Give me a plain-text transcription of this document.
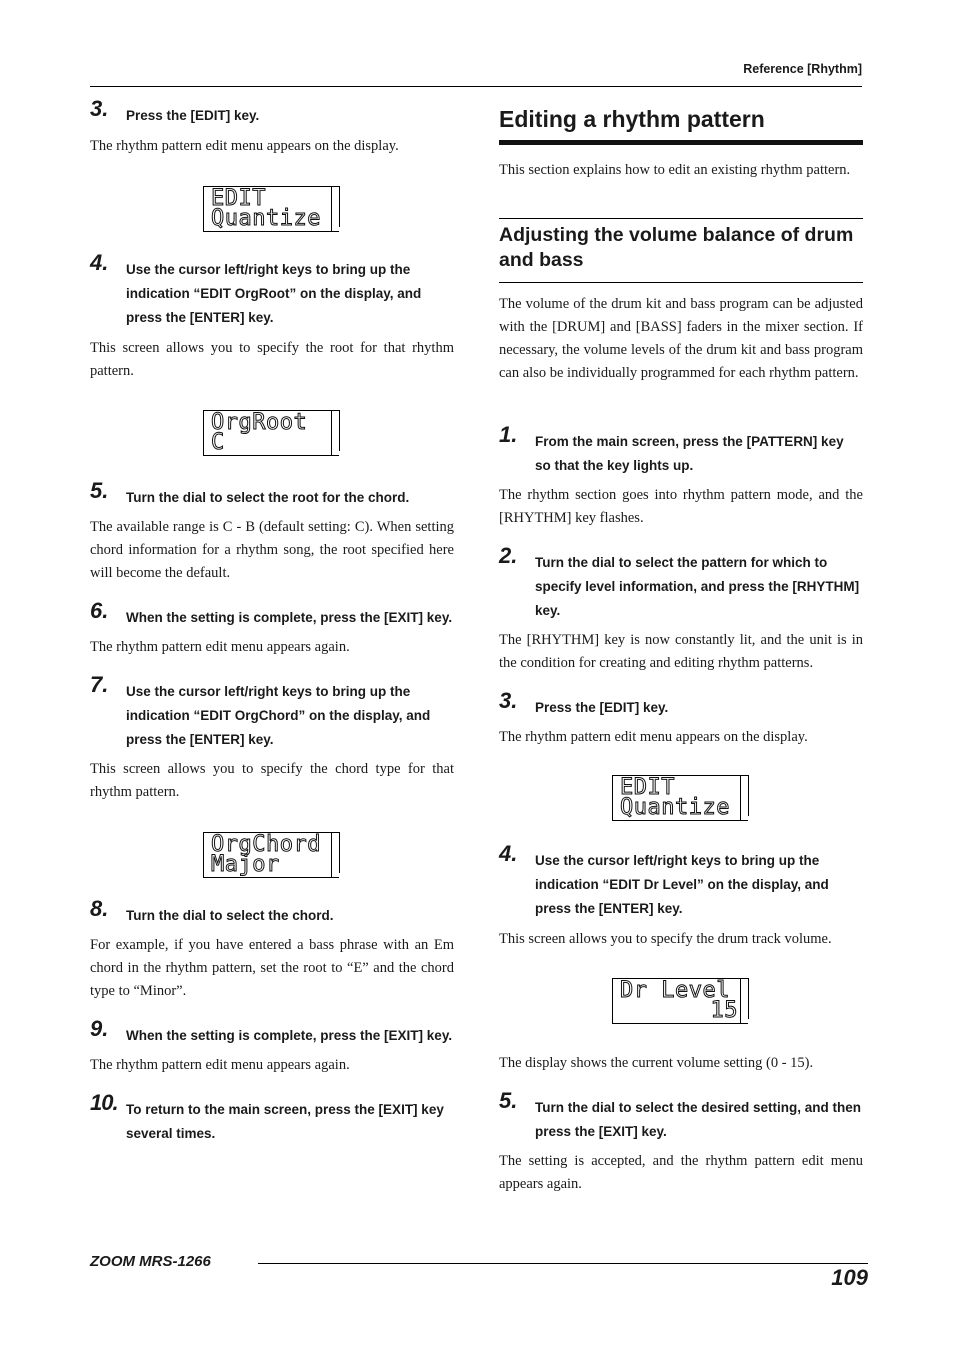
Reference [Rhythm]
3. Press the [EDIT] key.
The rhythm pattern edit menu appears on the display.
EDIT
Quantize
4. Use the cursor left/right keys to bring up the indication “EDIT OrgRoot” on the display, and press the [ENTER] key.
This screen allows you to specify the root for that rhythm pattern.
OrgRoot
C
5. Turn the dial to select the root for the chord.
The available range is C - B (default setting: C). When setting chord information for a rhythm song, the root specified here will become the default.
6. When the setting is complete, press the [EXIT] key.
The rhythm pattern edit menu appears again.
7. Use the cursor left/right keys to bring up the indication “EDIT OrgChord” on the display, and press the [ENTER] key.
This screen allows you to specify the chord type for that rhythm pattern.
OrgChord
Major
8. Turn the dial to select the chord.
For example, if you have entered a bass phrase with an Em chord in the rhythm pattern, set the root to “E” and the chord type to “Minor”.
9. When the setting is complete, press the [EXIT] key.
The rhythm pattern edit menu appears again.
10. To return to the main screen, press the [EXIT] key several times.
Editing a rhythm pattern
This section explains how to edit an existing rhythm pattern.
Adjusting the volume balance of drum and bass
The volume of the drum kit and bass program can be adjusted with the [DRUM] and [BASS] faders in the mixer section. If necessary, the volume levels of the drum kit and bass program can also be individually programmed for each rhythm pattern.
1. From the main screen, press the [PATTERN] key so that the key lights up.
The rhythm section goes into rhythm pattern mode, and the [RHYTHM] key flashes.
2. Turn the dial to select the pattern for which to specify level information, and press the [RHYTHM] key.
The [RHYTHM] key is now constantly lit, and the unit is in the condition for creating and editing rhythm patterns.
3. Press the [EDIT] key.
The rhythm pattern edit menu appears on the display.
EDIT
Quantize
4. Use the cursor left/right keys to bring up the indication “EDIT Dr Level” on the display, and press the [ENTER] key.
This screen allows you to specify the drum track volume.
Dr Level
15
The display shows the current volume setting (0 - 15).
5. Turn the dial to select the desired setting, and then press the [EXIT] key.
The setting is accepted, and the rhythm pattern edit menu appears again.
ZOOM MRS-1266
109
